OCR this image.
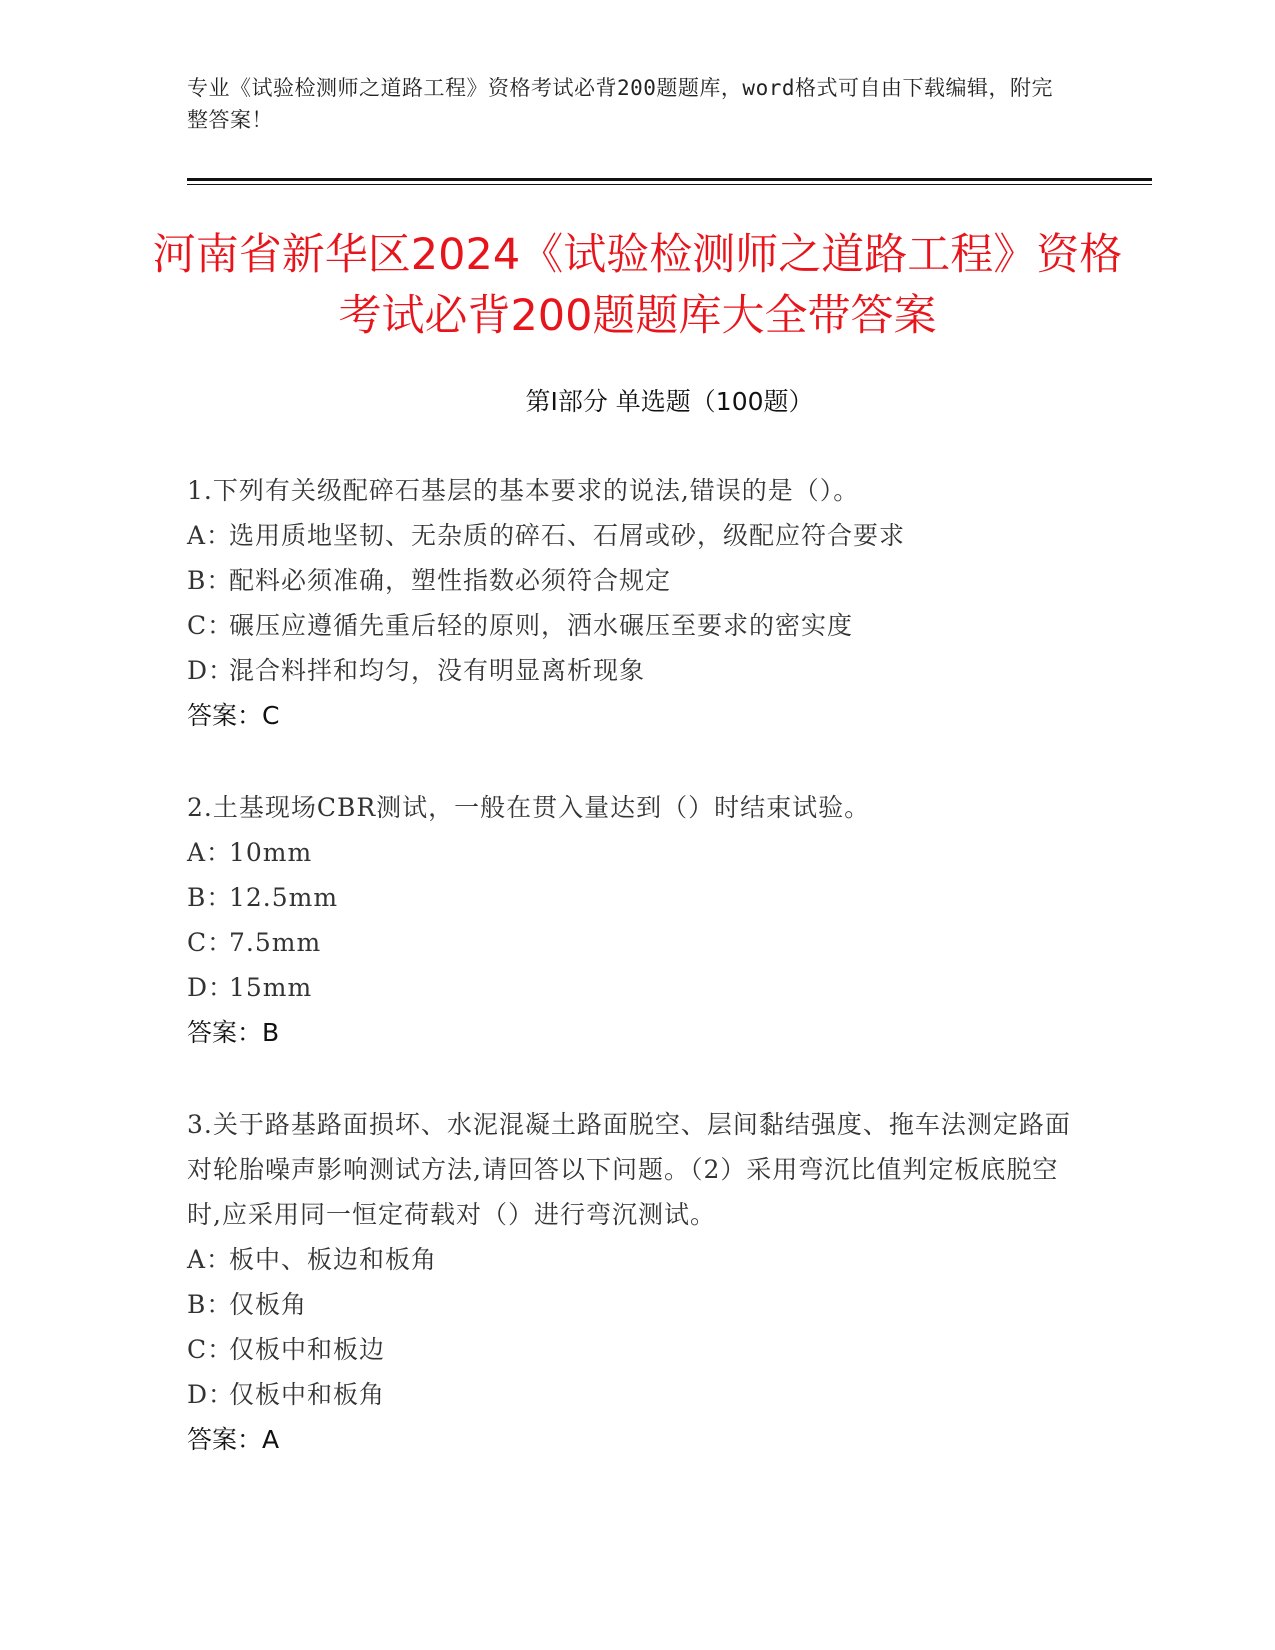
专业《试验检测师之道路工程》资格考试必背200题题库，word格式可自由下载编辑，附完整答案！
河南省新华区2024《试验检测师之道路工程》资格考试必背200题题库大全带答案
第I部分 单选题（100题）

1.下列有关级配碎石基层的基本要求的说法,错误的是（）。

A：选用质地坚韧、无杂质的碎石、石屑或砂，级配应符合要求

B：配料必须准确，塑性指数必须符合规定

C：碾压应遵循先重后轻的原则，洒水碾压至要求的密实度

D：混合料拌和均匀，没有明显离析现象

答案：C

2.土基现场CBR测试，一般在贯入量达到（）时结束试验。

A：10mm

B：12.5mm

C：7.5mm

D：15mm

答案：B

3.关于路基路面损坏、水泥混凝土路面脱空、层间黏结强度、拖车法测定路面对轮胎噪声影响测试方法,请回答以下问题。（2）采用弯沉比值判定板底脱空时,应采用同一恒定荷载对（）进行弯沉测试。

A：板中、板边和板角

B：仅板角

C：仅板中和板边

D：仅板中和板角

答案：A
